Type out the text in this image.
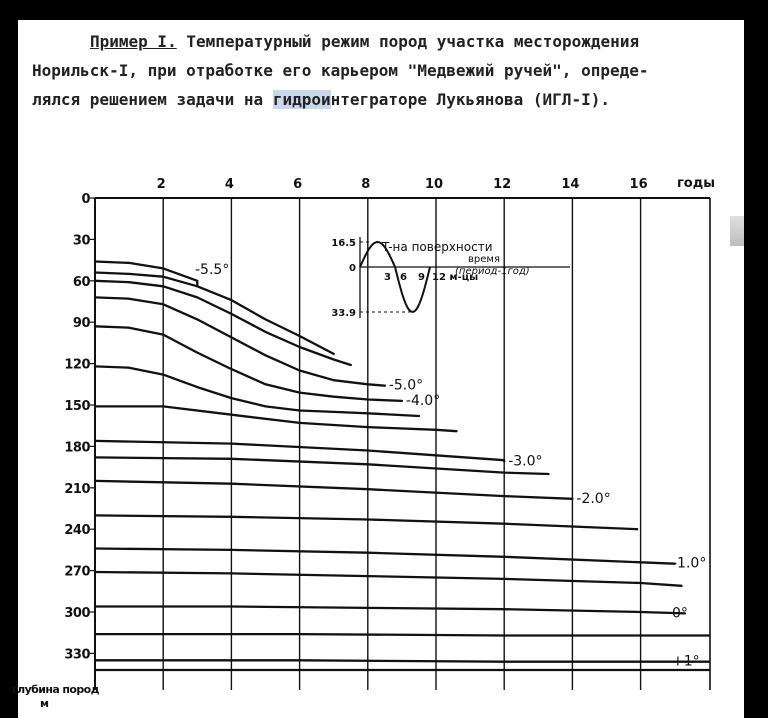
Пример I. Температурный режим пород участка месторождения
Норильск-I, при отработке его карьером "Медвежий ручей", опреде-
лялся решением задачи на гидроинтеграторе Лукьянова (ИГЛ-I).
2	4	6	8	10	12	14	16
0
30
60
90
120
150
180
210
240
270
300
330
годы
глубина пород
м
-5.5°
-5.0°
-4.0°
-3.0°
-2.0°
-1.0°
0°
+1°
T-на поверхности
время
(период-1год)
16.5
0
33.9
3 6 9 12 м-цы
